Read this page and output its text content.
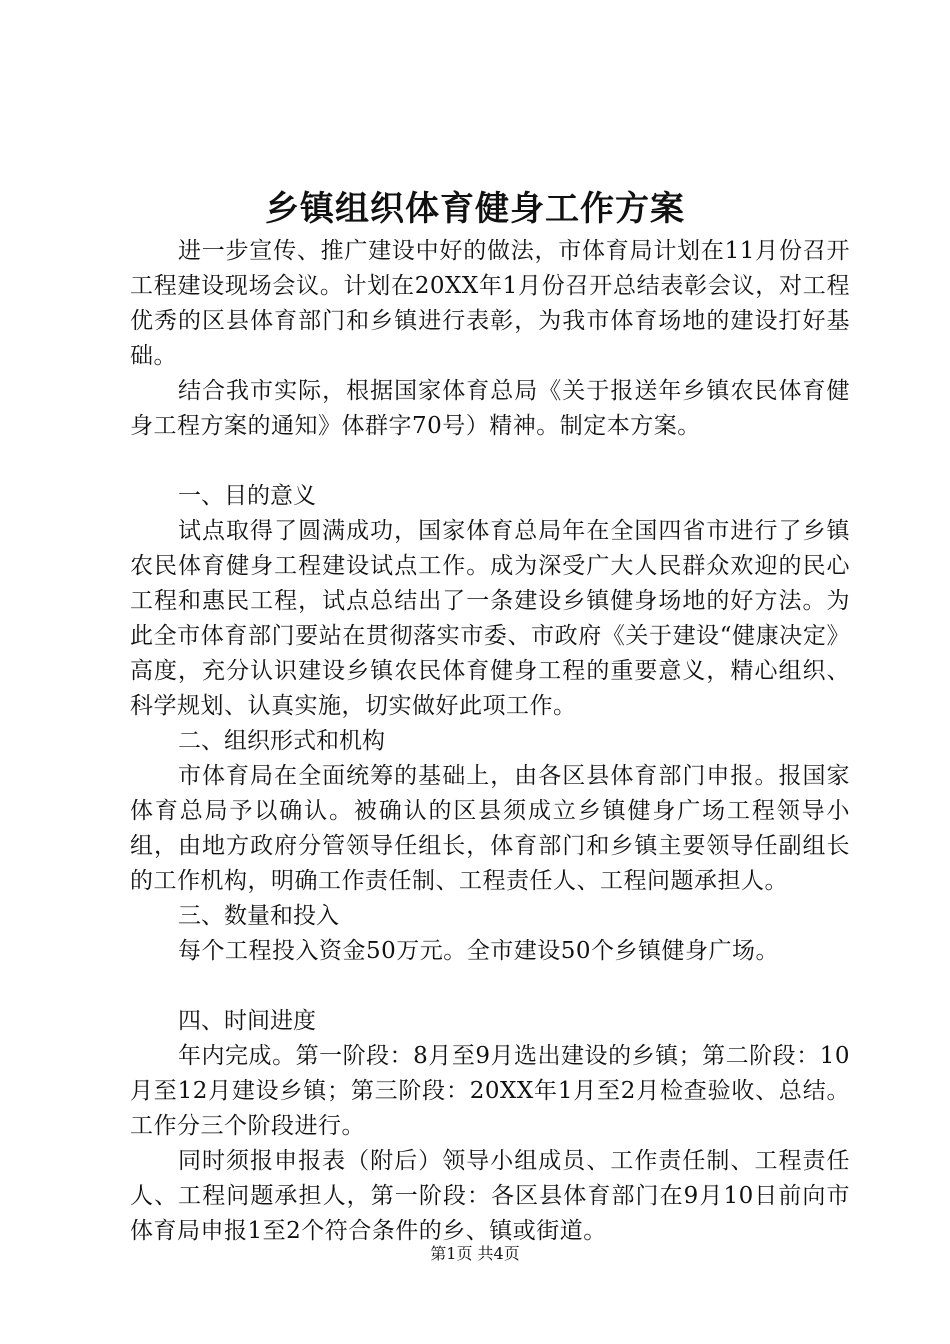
乡镇组织体育健身工作方案

进一步宣传、推广建设中好的做法，市体育局计划在11月份召开工程建设现场会议。计划在20XX年1月份召开总结表彰会议，对工程优秀的区县体育部门和乡镇进行表彰，为我市体育场地的建设打好基础。

结合我市实际，根据国家体育总局《关于报送年乡镇农民体育健身工程方案的通知》体群字70号）精神。制定本方案。

一、目的意义

试点取得了圆满成功，国家体育总局年在全国四省市进行了乡镇农民体育健身工程建设试点工作。成为深受广大人民群众欢迎的民心工程和惠民工程，试点总结出了一条建设乡镇健身场地的好方法。为此全市体育部门要站在贯彻落实市委、市政府《关于建设“健康决定》高度，充分认识建设乡镇农民体育健身工程的重要意义，精心组织、科学规划、认真实施，切实做好此项工作。

二、组织形式和机构

市体育局在全面统筹的基础上，由各区县体育部门申报。报国家体育总局予以确认。被确认的区县须成立乡镇健身广场工程领导小组，由地方政府分管领导任组长，体育部门和乡镇主要领导任副组长的工作机构，明确工作责任制、工程责任人、工程问题承担人。

三、数量和投入

每个工程投入资金50万元。全市建设50个乡镇健身广场。

四、时间进度

年内完成。第一阶段：8月至9月选出建设的乡镇；第二阶段：10月至12月建设乡镇；第三阶段：20XX年1月至2月检查验收、总结。工作分三个阶段进行。

同时须报申报表（附后）领导小组成员、工作责任制、工程责任人、工程问题承担人，第一阶段：各区县体育部门在9月10日前向市体育局申报1至2个符合条件的乡、镇或街道。

第1页 共4页
